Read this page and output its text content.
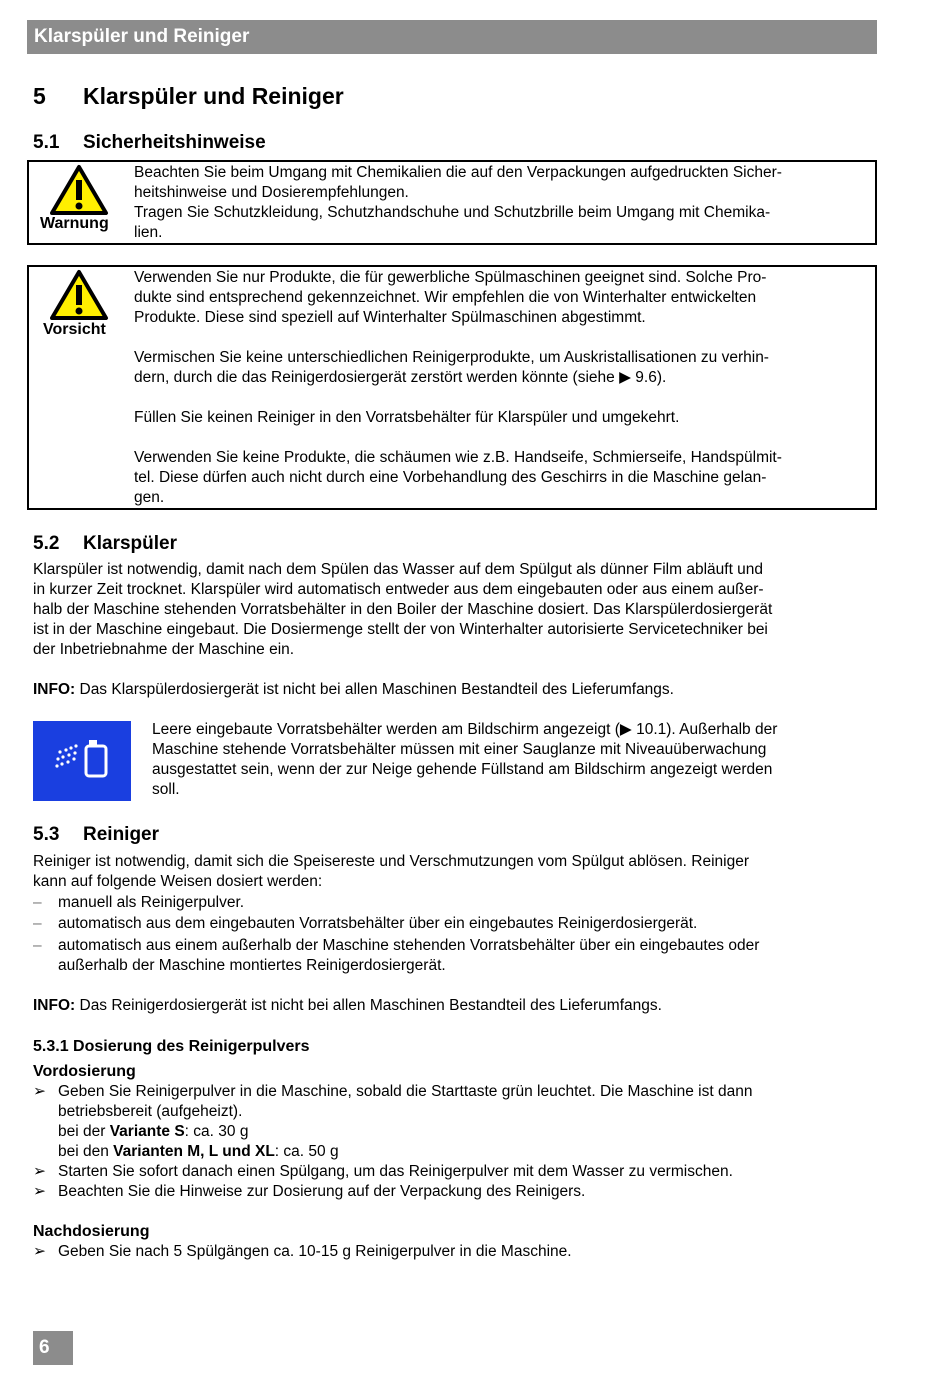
Klarspüler und Reiniger
5 Klarspüler und Reiniger
5.1 Sicherheitshinweise
Warnung

Beachten Sie beim Umgang mit Chemikalien die auf den Verpackungen aufgedruckten Sicher-

heitshinweise und Dosierempfehlungen.

Tragen Sie Schutzkleidung, Schutzhandschuhe und Schutzbrille beim Umgang mit Chemika-

lien.

Vorsicht

Verwenden Sie nur Produkte, die für gewerbliche Spülmaschinen geeignet sind. Solche Pro-

dukte sind entsprechend gekennzeichnet. Wir empfehlen die von Winterhalter entwickelten

Produkte. Diese sind speziell auf Winterhalter Spülmaschinen abgestimmt.

Vermischen Sie keine unterschiedlichen Reinigerprodukte, um Auskristallisationen zu verhin-

dern, durch die das Reinigerdosiergerät zerstört werden könnte (siehe ▶ 9.6).

Füllen Sie keinen Reiniger in den Vorratsbehälter für Klarspüler und umgekehrt.

Verwenden Sie keine Produkte, die schäumen wie z.B. Handseife, Schmierseife, Handspülmit-

tel. Diese dürfen auch nicht durch eine Vorbehandlung des Geschirrs in die Maschine gelan-

gen.

5.2 Klarspüler
Klarspüler ist notwendig, damit nach dem Spülen das Wasser auf dem Spülgut als dünner Film abläuft und
in kurzer Zeit trocknet. Klarspüler wird automatisch entweder aus dem eingebauten oder aus einem außer-
halb der Maschine stehenden Vorratsbehälter in den Boiler der Maschine dosiert. Das Klarspülerdosiergerät
ist in der Maschine eingebaut. Die Dosiermenge stellt der von Winterhalter autorisierte Servicetechniker bei
der Inbetriebnahme der Maschine ein.
INFO: Das Klarspülerdosiergerät ist nicht bei allen Maschinen Bestandteil des Lieferumfangs.
Leere eingebaute Vorratsbehälter werden am Bildschirm angezeigt (▶ 10.1). Außerhalb der
Maschine stehende Vorratsbehälter müssen mit einer Sauglanze mit Niveauüberwachung
ausgestattet sein, wenn der zur Neige gehende Füllstand am Bildschirm angezeigt werden
soll.
5.3 Reiniger
Reiniger ist notwendig, damit sich die Speisereste und Verschmutzungen vom Spülgut ablösen. Reiniger
kann auf folgende Weisen dosiert werden:
–	manuell als Reinigerpulver.
–	automatisch aus dem eingebauten Vorratsbehälter über ein eingebautes Reinigerdosiergerät.
–	automatisch aus einem außerhalb der Maschine stehenden Vorratsbehälter über ein eingebautes oder
außerhalb der Maschine montiertes Reinigerdosiergerät.
INFO: Das Reinigerdosiergerät ist nicht bei allen Maschinen Bestandteil des Lieferumfangs.
5.3.1 Dosierung des Reinigerpulvers
Vordosierung
➢ Geben Sie Reinigerpulver in die Maschine, sobald die Starttaste grün leuchtet. Die Maschine ist dann
betriebsbereit (aufgeheizt).
bei der Variante S: ca. 30 g
bei den Varianten M, L und XL: ca. 50 g
➢ Starten Sie sofort danach einen Spülgang, um das Reinigerpulver mit dem Wasser zu vermischen.
➢ Beachten Sie die Hinweise zur Dosierung auf der Verpackung des Reinigers.
Nachdosierung
➢ Geben Sie nach 5 Spülgängen ca. 10-15 g Reinigerpulver in die Maschine.
6
